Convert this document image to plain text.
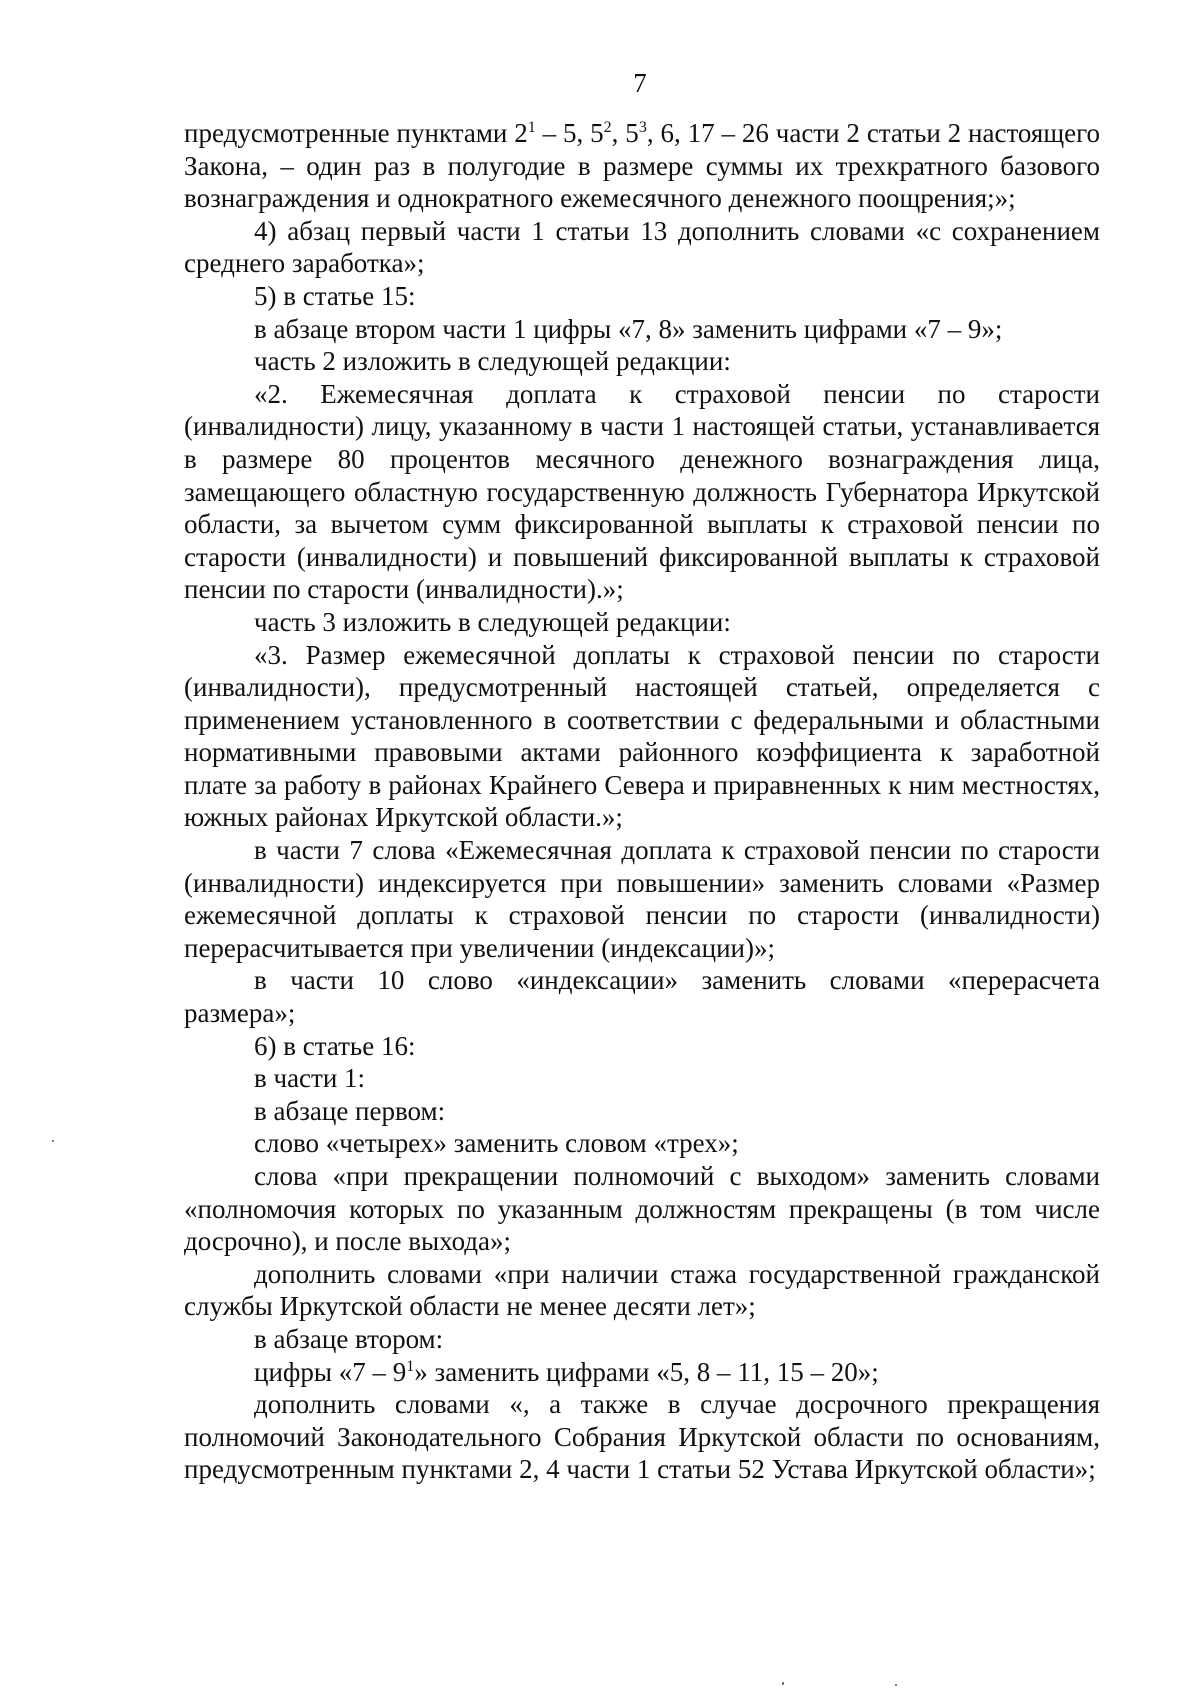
7

предусмотренные пунктами $2^1 - 5$, $5^2$, $5^3$, 6, 17 – 26 части 2 статьи 2 настоящего Закона, – один раз в полугодие в размере суммы их трехкратного базового вознаграждения и однократного ежемесячного денежного поощрения;»;

4) абзац первый части 1 статьи 13 дополнить словами «с сохранением среднего заработка»;

5) в статье 15:

в абзаце втором части 1 цифры «7, 8» заменить цифрами «7 – 9»;

часть 2 изложить в следующей редакции:

«2. Ежемесячная доплата к страховой пенсии по старости (инвалидности) лицу, указанному в части 1 настоящей статьи, устанавливается в размере 80 процентов месячного денежного вознаграждения лица, замещающего областную государственную должность Губернатора Иркутской области, за вычетом сумм фиксированной выплаты к страховой пенсии по старости (инвалидности) и повышений фиксированной выплаты к страховой пенсии по старости (инвалидности).»;

часть 3 изложить в следующей редакции:

«3. Размер ежемесячной доплаты к страховой пенсии по старости (инвалидности), предусмотренный настоящей статьей, определяется с применением установленного в соответствии с федеральными и областными нормативными правовыми актами районного коэффициента к заработной плате за работу в районах Крайнего Севера и приравненных к ним местностях, южных районах Иркутской области.»;

в части 7 слова «Ежемесячная доплата к страховой пенсии по старости (инвалидности) индексируется при повышении» заменить словами «Размер ежемесячной доплаты к страховой пенсии по старости (инвалидности) перерасчитывается при увеличении (индексации)»;

в части 10 слово «индексации» заменить словами «перерасчета размера»;

6) в статье 16:

в части 1:

в абзаце первом:

слово «четырех» заменить словом «трех»;

слова «при прекращении полномочий с выходом» заменить словами «полномочия которых по указанным должностям прекращены (в том числе досрочно), и после выхода»;

дополнить словами «при наличии стажа государственной гражданской службы Иркутской области не менее десяти лет»;

в абзаце втором:

цифры «$7 - 9^1$» заменить цифрами «5, 8 – 11, 15 – 20»;

дополнить словами «, а также в случае досрочного прекращения полномочий Законодательного Собрания Иркутской области по основаниям, предусмотренным пунктами 2, 4 части 1 статьи 52 Устава Иркутской области»;
